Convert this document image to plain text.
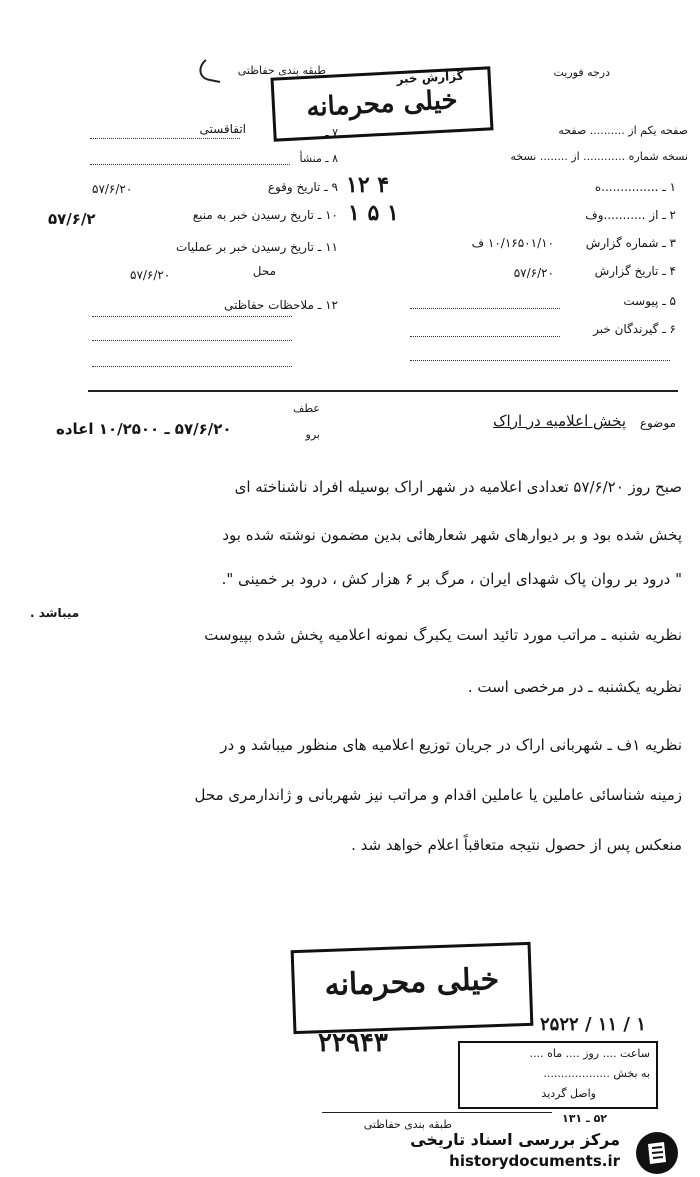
درجه فوریت
طبقه بندی حفاظتی
صفحه یکم از .......... صفحه
نسخه شماره ............ از ........ نسخه
۷ ـ
اتفاقستی
۸ ـ منشأ
گزارش خبر
خیلی محرمانه
۱۲ ۴
۱ ۵ ۱
۱ ـ ...............ه
۲ ـ از ...........وف
۳ ـ شماره گزارش
۱۰/۱۶۵۰۱/۱۰ ف
۴ ـ تاریخ گزارش
۵۷/۶/۲۰
۵ ـ پیوست
۶ ـ گیرندگان خبر
۹ ـ تاریخ وقوع
۵۷/۶/۲۰
۱۰ ـ تاریخ رسیدن خبر به منبع
۵۷/۶/۲
۱۱ ـ تاریخ رسیدن خبر بر عملیات
محل
۵۷/۶/۲۰
۱۲ ـ ملاحظات حفاظتی
موضوع
پخش اعلامیه در اراک
عطف
برو
۵۷/۶/۲۰ ـ ۱۰/۲۵۰۰ اعاده
صبح روز ۵۷/۶/۲۰ تعدادی اعلامیه در شهر اراک بوسیله افراد ناشناخته ای
پخش شده بود و بر دیوارهای شهر شعارهائی بدین مضمون نوشته شده بود
" درود بر روان پاک شهدای ایران ، مرگ بر ۶ هزار کش ، درود بر خمینی ".
میباشد .
نظریه شنبه ـ مراتب مورد تائید است یکبرگ نمونه اعلامیه پخش شده بپیوست
نظریه یکشنبه ـ در مرخصی است .
نظریه ۱ف ـ شهربانی اراک در جریان توزیع اعلامیه های منظور میباشد و در
زمینه شناسائی عاملین یا عاملین اقدام و مراتب نیز شهربانی و ژاندارمری محل
منعکس پس از حصول نتیجه متعاقباً اعلام خواهد شد .
خیلی محرمانه
۲۵۲۲ / ۱۱ / ۱
۲۲۹۴۳	ساعت .... روز .... ماه ....
به بخش ...................
واصل گردید
۵۲ ـ ۱۳۱
طبقه بندی حفاظتی
مرکز بررسی اسناد تاریخی
historydocuments.ir
